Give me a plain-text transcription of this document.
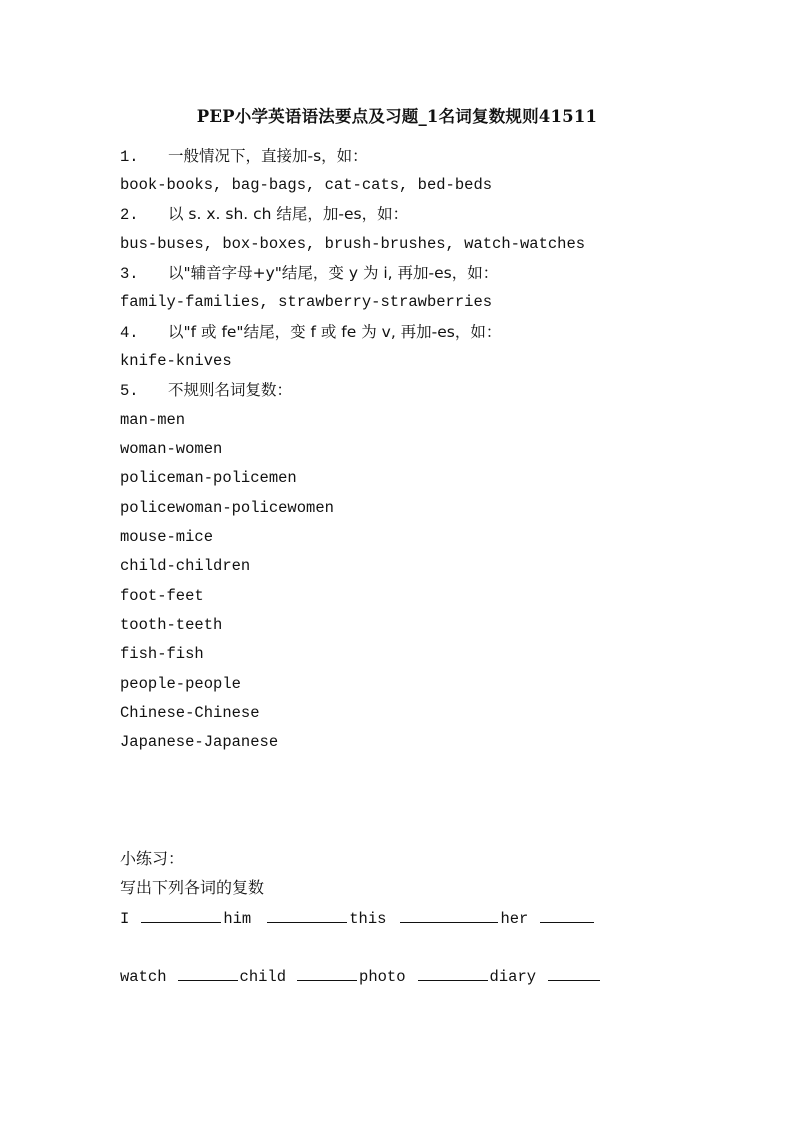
PEP小学英语语法要点及习题_1名词复数规则41511
1. 一般情况下，直接加-s，如：
book-books, bag-bags, cat-cats, bed-beds
2. 以 s. x. sh. ch 结尾，加-es，如：
bus-buses, box-boxes, brush-brushes, watch-watches
3. 以"辅音字母+y"结尾，变 y 为 i, 再加-es，如：
family-families, strawberry-strawberries
4. 以"f 或 fe"结尾，变 f 或 fe 为 v, 再加-es，如：
knife-knives
5. 不规则名词复数：
man-men
woman-women
policeman-policemen
policewoman-policewomen
mouse-mice
child-children
foot-feet
tooth-teeth
fish-fish
people-people
Chinese-Chinese
Japanese-Japanese
小练习：
写出下列各词的复数
I	him	this	her
watch	child	photo	diary
